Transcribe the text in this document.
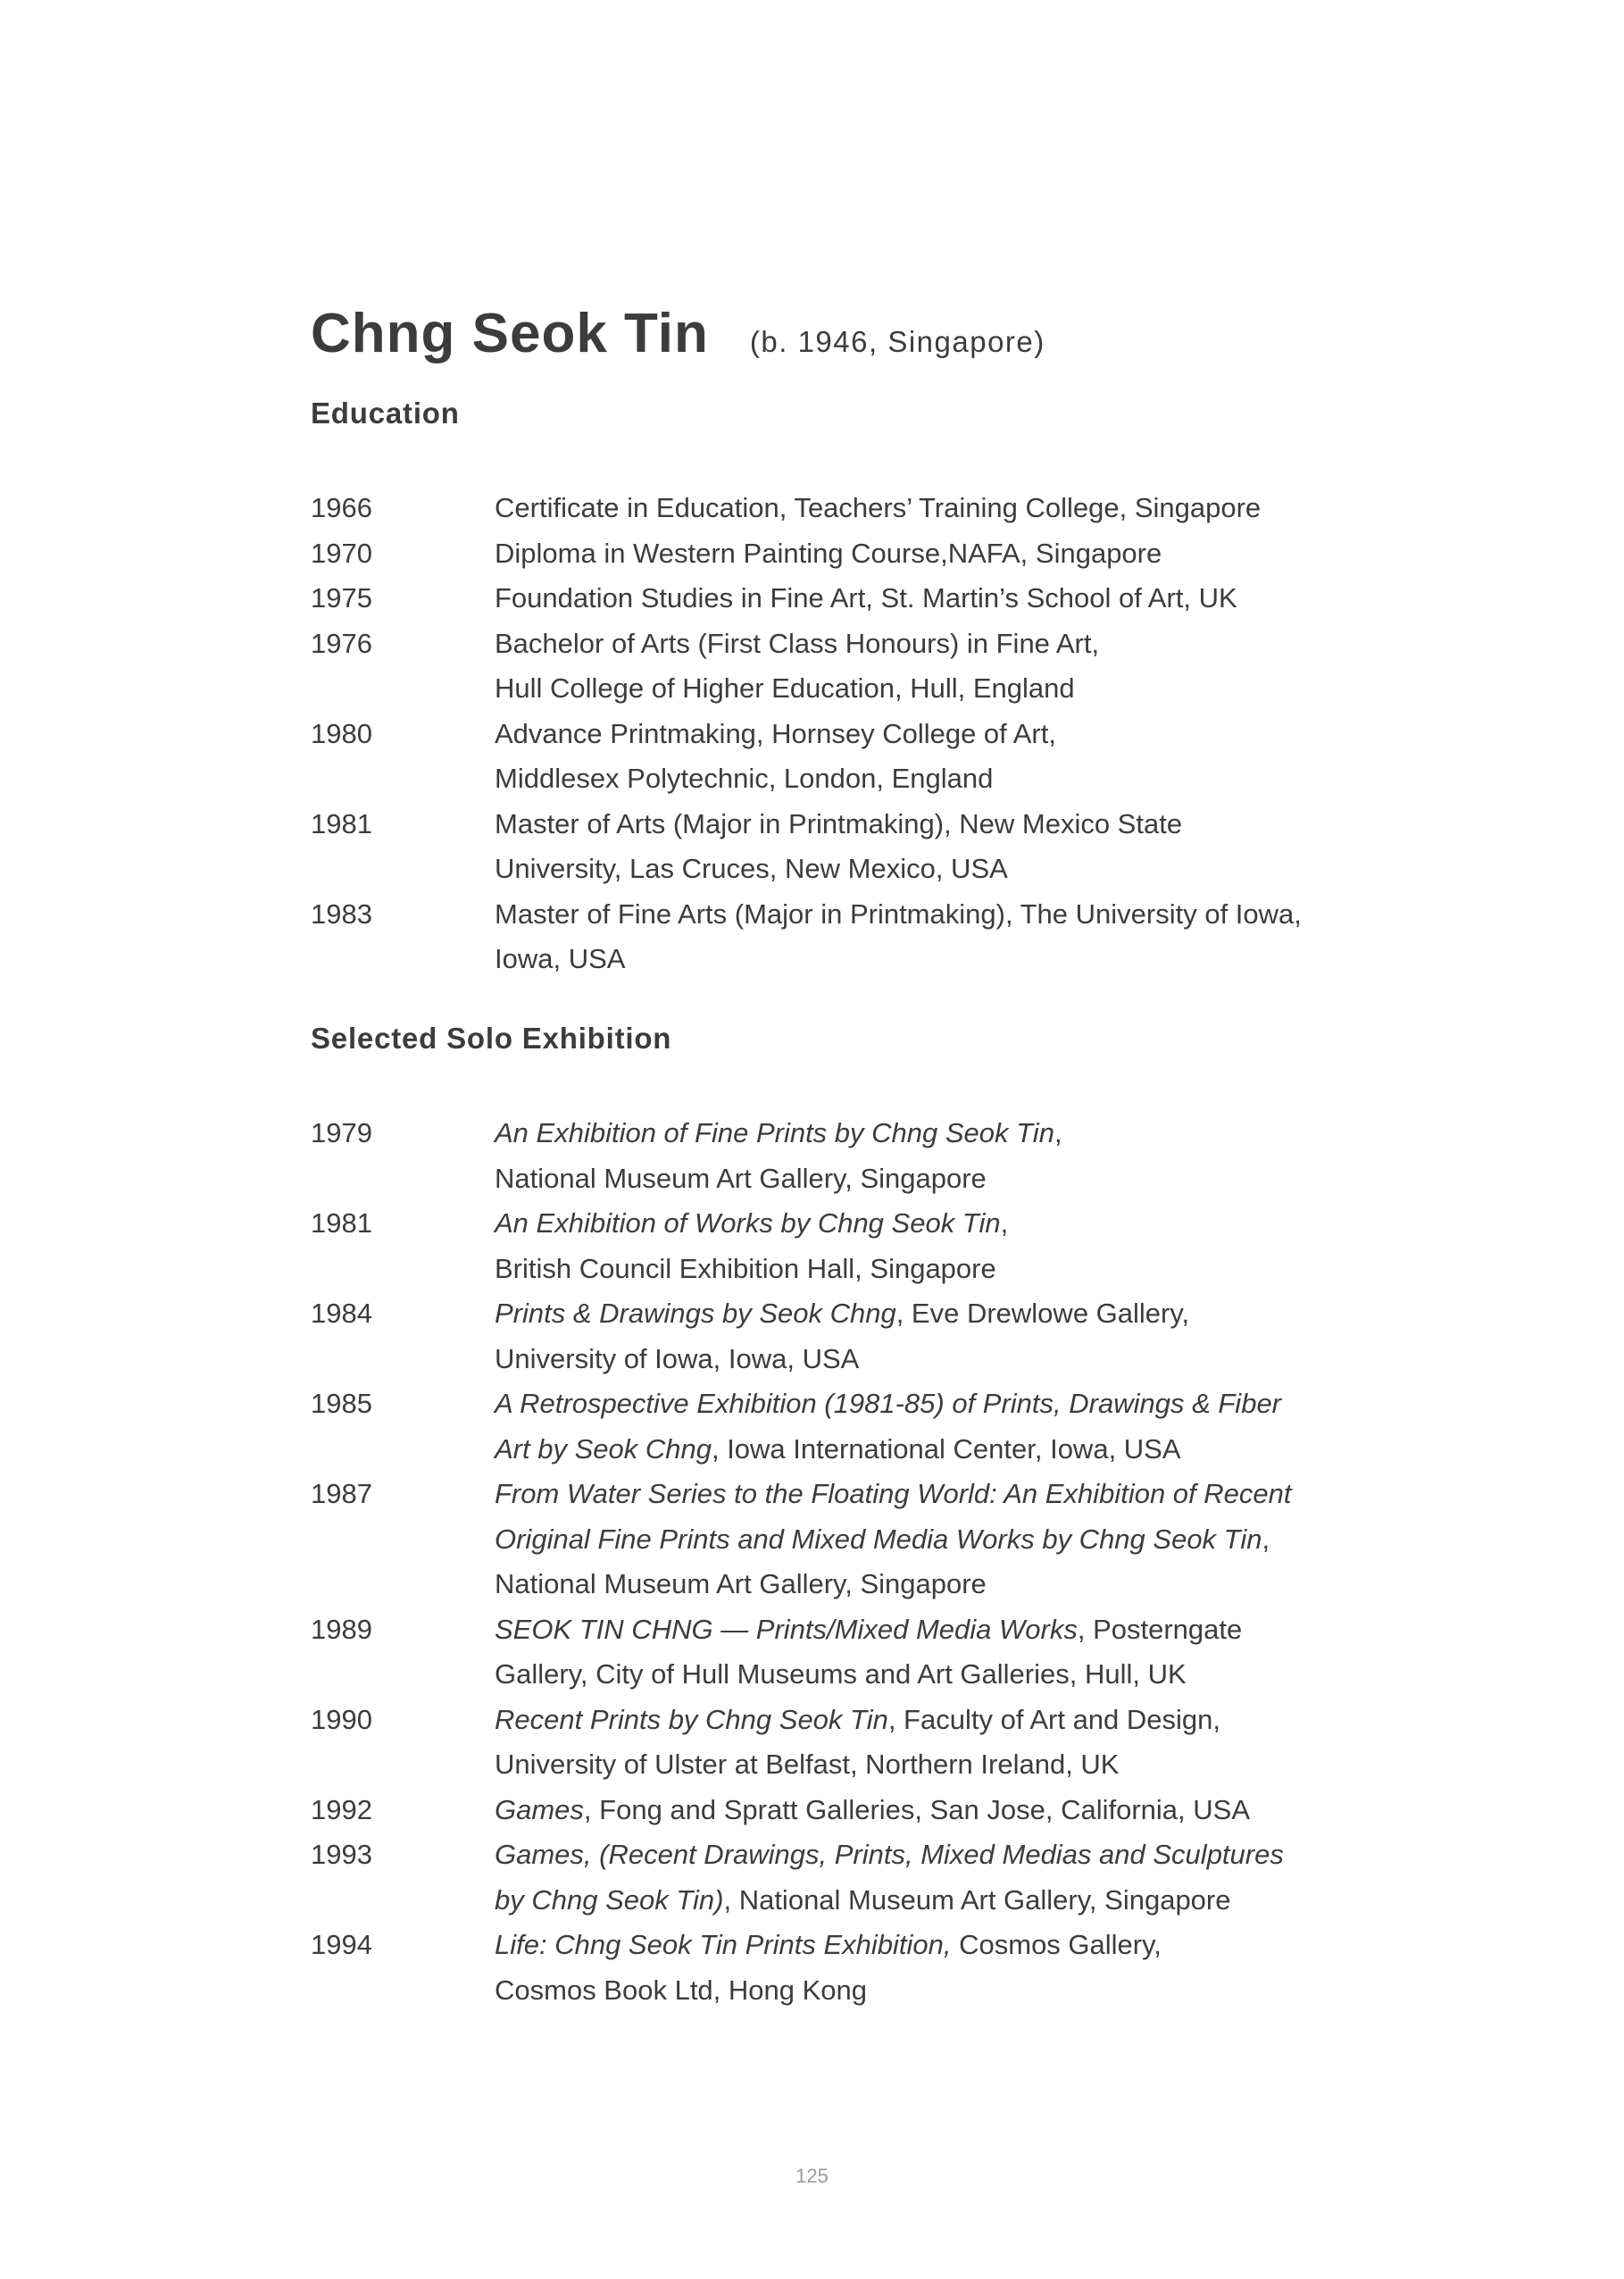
Chng Seok Tin (b. 1946, Singapore)
Education
1966	Certificate in Education, Teachers’ Training College, Singapore
1970	Diploma in Western Painting Course,NAFA, Singapore
1975	Foundation Studies in Fine Art, St. Martin’s School of Art, UK
1976	Bachelor of Arts (First Class Honours) in Fine Art,
Hull College of Higher Education, Hull, England
1980	Advance Printmaking, Hornsey College of Art,
Middlesex Polytechnic, London, England
1981	Master of Arts (Major in Printmaking), New Mexico State
University, Las Cruces, New Mexico, USA
1983	Master of Fine Arts (Major in Printmaking), The University of Iowa,
Iowa, USA
Selected Solo Exhibition
1979	An Exhibition of Fine Prints by Chng Seok Tin,
National Museum Art Gallery, Singapore
1981	An Exhibition of Works by Chng Seok Tin,
British Council Exhibition Hall, Singapore
1984	Prints & Drawings by Seok Chng, Eve Drewlowe Gallery,
University of Iowa, Iowa, USA
1985	A Retrospective Exhibition (1981-85) of Prints, Drawings & Fiber
Art by Seok Chng, Iowa International Center, Iowa, USA
1987	From Water Series to the Floating World: An Exhibition of Recent
Original Fine Prints and Mixed Media Works by Chng Seok Tin,
National Museum Art Gallery, Singapore
1989	SEOK TIN CHNG — Prints/Mixed Media Works, Posterngate
Gallery, City of Hull Museums and Art Galleries, Hull, UK
1990	Recent Prints by Chng Seok Tin, Faculty of Art and Design,
University of Ulster at Belfast, Northern Ireland, UK
1992	Games, Fong and Spratt Galleries, San Jose, California, USA
1993	Games, (Recent Drawings, Prints, Mixed Medias and Sculptures
by Chng Seok Tin), National Museum Art Gallery, Singapore
1994	Life: Chng Seok Tin Prints Exhibition, Cosmos Gallery,
Cosmos Book Ltd, Hong Kong
125
